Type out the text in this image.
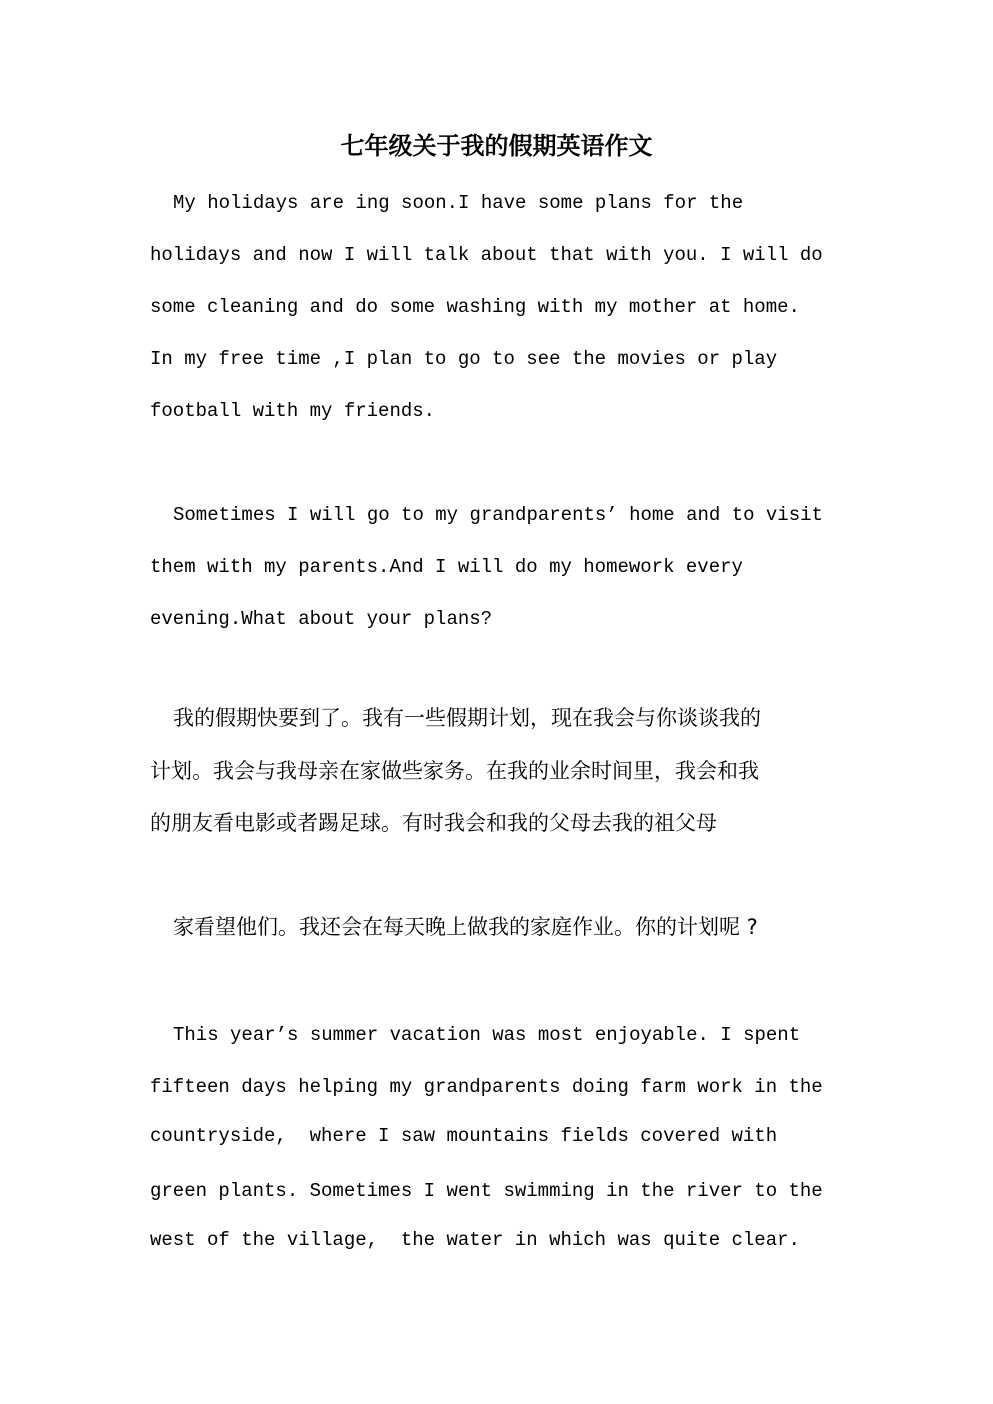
七年级关于我的假期英语作文
My holidays are ing soon.I have some plans for the
holidays and now I will talk about that with you. I will do
some cleaning and do some washing with my mother at home.
In my free time ,I plan to go to see the movies or play
football with my friends.
Sometimes I will go to my grandparents’ home and to visit
them with my parents.And I will do my homework every
evening.What about your plans?
我的假期快要到了。我有一些假期计划，现在我会与你谈谈我的
计划。我会与我母亲在家做些家务。在我的业余时间里，我会和我
的朋友看电影或者踢足球。有时我会和我的父母去我的祖父母
家看望他们。我还会在每天晚上做我的家庭作业。你的计划呢 ?
This year’s summer vacation was most enjoyable. I spent
fifteen days helping my grandparents doing farm work in the
countryside,  where I saw mountains fields covered with
green plants. Sometimes I went swimming in the river to the
west of the village,  the water in which was quite clear.
